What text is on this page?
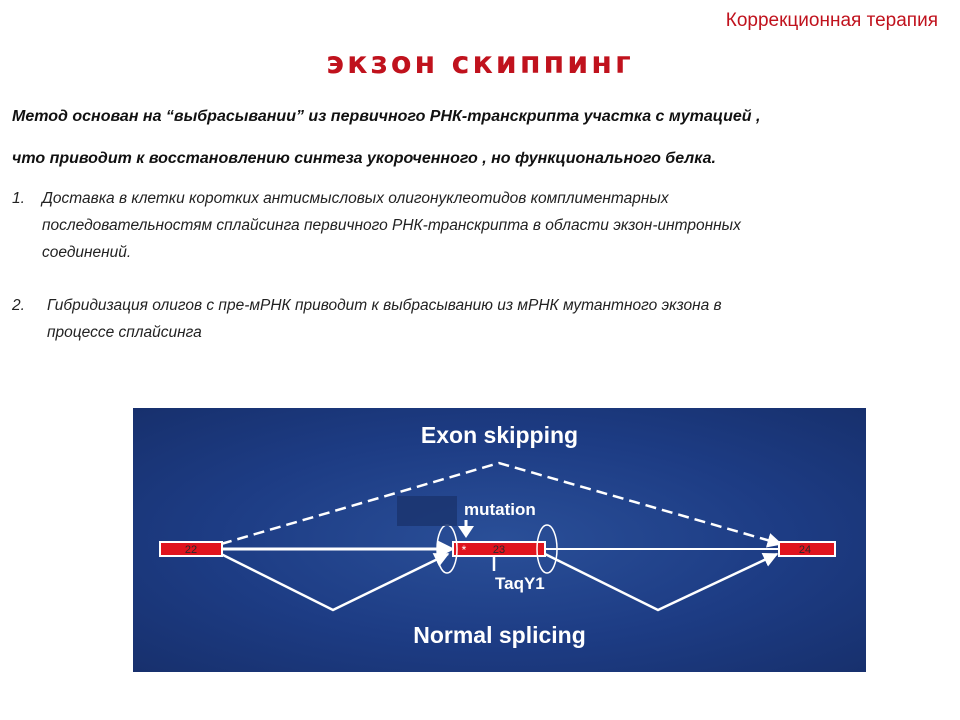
Коррекционная терапия
экзон скиппинг
Метод основан на “выбрасывании” из первичного РНК-транскрипта участка с мутацией ,
что приводит к восстановлению синтеза укороченного , но функционального белка.
1. Доставка в клетки коротких антисмысловых олигонуклеотидов комплиментарных
последовательностям сплайсинга первичного РНК-транскрипта в области экзон-интронных
соединений.
2. Гибридизация олигов с пре-мРНК приводит к выбрасыванию из мРНК мутантного экзона в
процессе сплайсинга
22	23	24
*
Exon skipping
mutation
TaqY1
Normal splicing
